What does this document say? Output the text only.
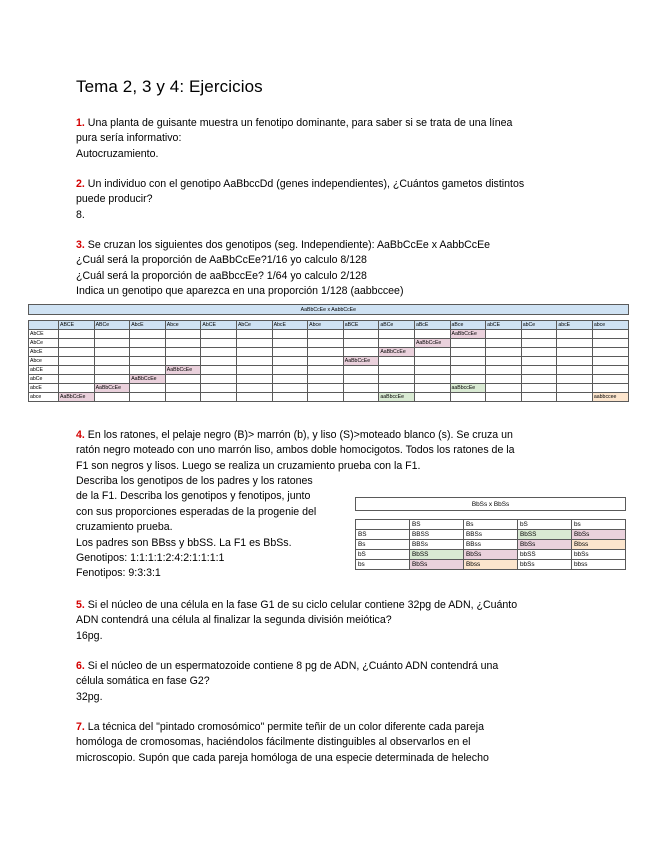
Tema 2, 3 y 4: Ejercicios
1. Una planta de guisante muestra un fenotipo dominante, para saber si se trata de una línea
pura sería informativo:
Autocruzamiento.
2. Un individuo con el genotipo AaBbccDd (genes independientes), ¿Cuántos gametos distintos
puede producir?
8.
3. Se cruzan los siguientes dos genotipos (seg. Independiente): AaBbCcEe x AabbCcEe
¿Cuál será la proporción de AaBbCcEe?1/16 yo calculo 8/128
¿Cuál será la proporción de aaBbccEe? 1/64 yo calculo 2/128
Indica un genotipo que aparezca en una proporción 1/128 (aabbccee)
AaBbCcEe x AabbCcEe																

	ABCE	ABCe	AbcE	Abce	AbCE	AbCe	AbcE	Abce	aBCE	aBCe	aBcE	aBce	abCE	abCe	abcE	abce
AbCE												AaBbCcEe				
AbCe											AaBbCcEe					
AbcE										AaBbCcEe						
Abce									AaBbCcEe							
abCE				AaBbCcEe												
abCe			AaBbCcEe													
abcE		AaBbCcEe										aaBbccEe				
abce	AaBbCcEe									aaBbccEe						aabbccee
4. En los ratones, el pelaje negro (B)> marrón (b), y liso (S)>moteado blanco (s). Se cruza un
ratón negro moteado con uno marrón liso, ambos doble homocigotos. Todos los ratones de la
F1 son negros y lisos. Luego se realiza un cruzamiento prueba con la F1.
Describa los genotipos de los padres y los ratones
de la F1. Describa los genotipos y fenotipos, junto
con sus proporciones esperadas de la progenie del
cruzamiento prueba.
Los padres son BBss y bbSS. La F1 es BbSs.
Genotipos: 1:1:1:1:2:4:2:1:1:1:1
Fenotipos: 9:3:3:1
BbSs x BbSs				

	BS	Bs	bS	bs
BS	BBSS	BBSs	BbSS	BbSs
Bs	BBSs	BBss	BbSs	Bbss
bS	BbSS	BbSs	bbSS	bbSs
bs	BbSs	Bbss	bbSs	bbss
5. Si el núcleo de una célula en la fase G1 de su ciclo celular contiene 32pg de ADN, ¿Cuánto
ADN contendrá una célula al finalizar la segunda división meiótica?
16pg.
6. Si el núcleo de un espermatozoide contiene 8 pg de ADN, ¿Cuánto ADN contendrá una
célula somática en fase G2?
32pg.
7. La técnica del "pintado cromosómico" permite teñir de un color diferente cada pareja
homóloga de cromosomas, haciéndolos fácilmente distinguibles al observarlos en el
microscopio. Supón que cada pareja homóloga de una especie determinada de helecho
